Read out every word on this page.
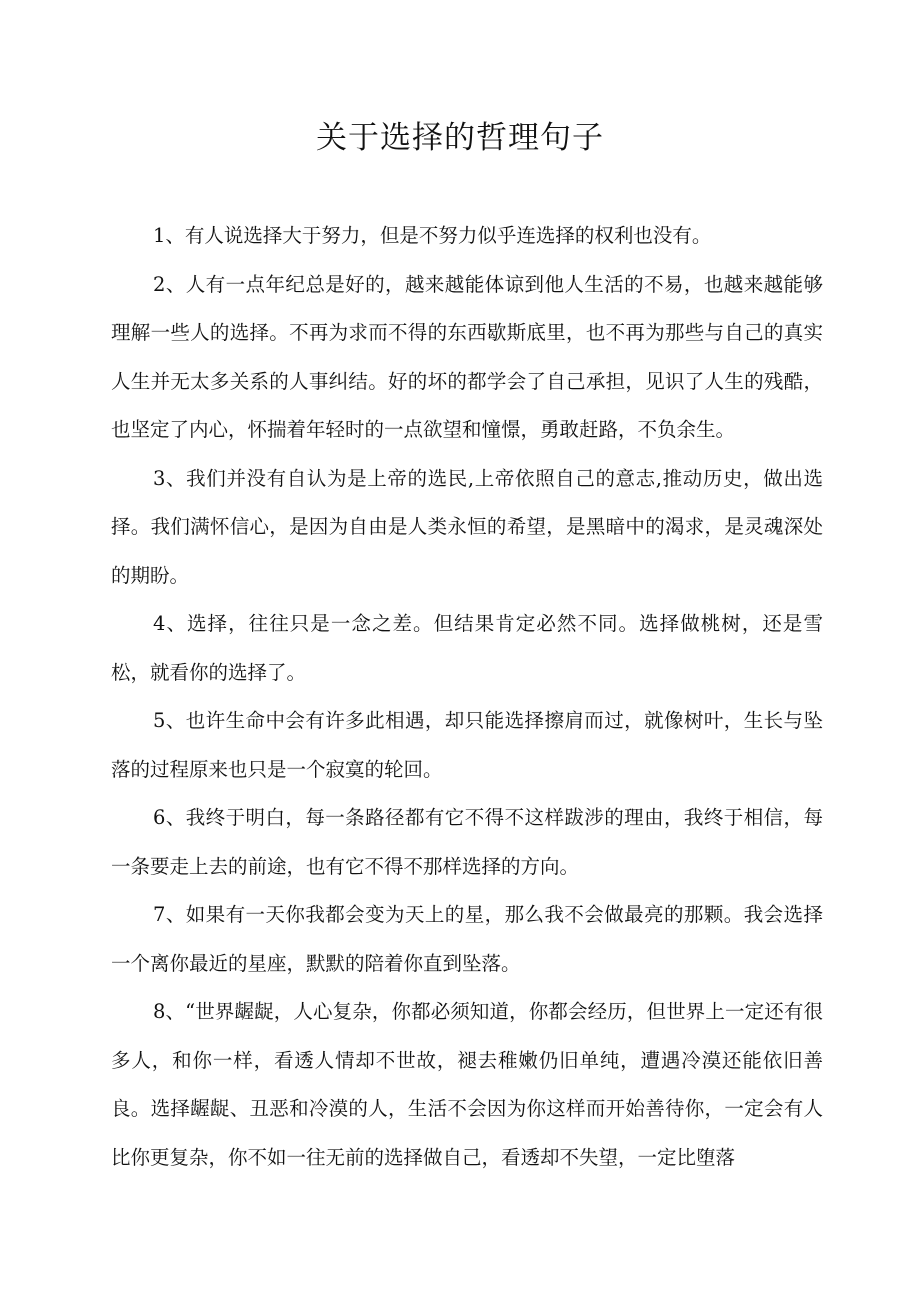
关于选择的哲理句子

1、有人说选择大于努力，但是不努力似乎连选择的权利也没有。

2、人有一点年纪总是好的，越来越能体谅到他人生活的不易，也越来越能够理解一些人的选择。不再为求而不得的东西歇斯底里，也不再为那些与自己的真实人生并无太多关系的人事纠结。好的坏的都学会了自己承担，见识了人生的残酷，也坚定了内心，怀揣着年轻时的一点欲望和憧憬，勇敢赶路，不负余生。

3、我们并没有自认为是上帝的选民,上帝依照自己的意志,推动历史，做出选择。我们满怀信心，是因为自由是人类永恒的希望，是黑暗中的渴求，是灵魂深处的期盼。

4、选择，往往只是一念之差。但结果肯定必然不同。选择做桃树，还是雪松，就看你的选择了。

5、也许生命中会有许多此相遇，却只能选择擦肩而过，就像树叶，生长与坠落的过程原来也只是一个寂寞的轮回。

6、我终于明白，每一条路径都有它不得不这样跋涉的理由，我终于相信，每一条要走上去的前途，也有它不得不那样选择的方向。

7、如果有一天你我都会变为天上的星，那么我不会做最亮的那颗。我会选择一个离你最近的星座，默默的陪着你直到坠落。

8、“世界龌龊，人心复杂，你都必须知道，你都会经历，但世界上一定还有很多人，和你一样，看透人情却不世故，褪去稚嫩仍旧单纯，遭遇冷漠还能依旧善良。选择龌龊、丑恶和冷漠的人，生活不会因为你这样而开始善待你，一定会有人比你更复杂，你不如一往无前的选择做自己，看透却不失望，一定比堕落
